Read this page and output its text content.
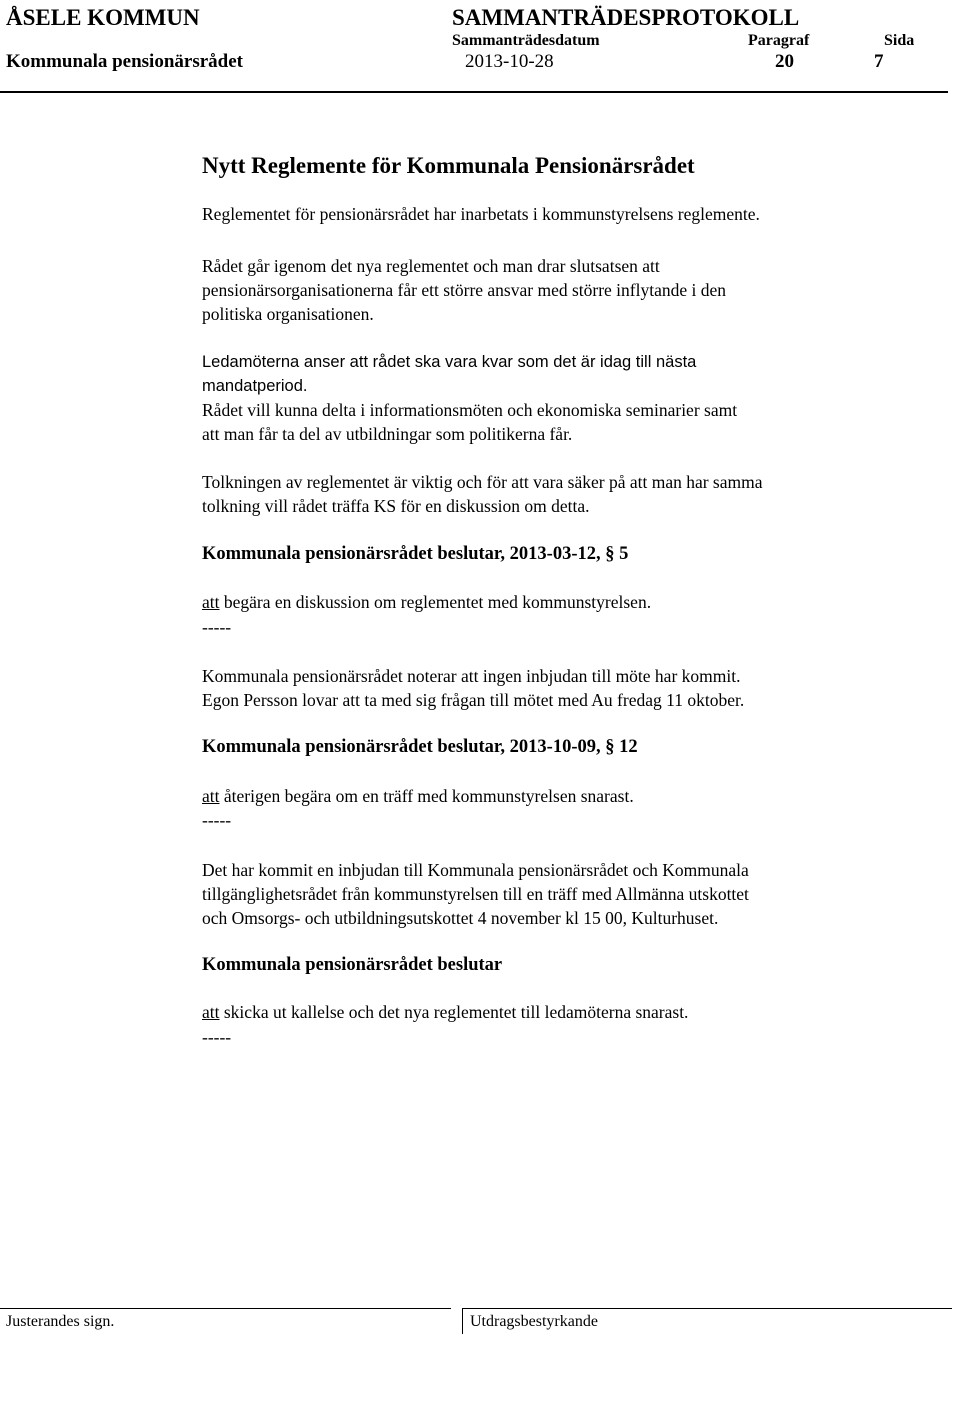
ÅSELE KOMMUN	SAMMANTRÄDESPROTOKOLL
Sammanträdesdatum	Paragraf	Sida
Kommunala pensionärsrådet	2013-10-28	20	7
Nytt Reglemente för Kommunala Pensionärsrådet
Reglementet för pensionärsrådet har inarbetats i kommunstyrelsens reglemente.
Rådet går igenom det nya reglementet och man drar slutsatsen att
pensionärsorganisationerna får ett större ansvar med större inflytande i den
politiska organisationen.
Ledamöterna anser att rådet ska vara kvar som det är idag till nästa
mandatperiod.
Rådet vill kunna delta i informationsmöten och ekonomiska seminarier samt
att man får ta del av utbildningar som politikerna får.
Tolkningen av reglementet är viktig och för att vara säker på att man har samma
tolkning vill rådet träffa KS för en diskussion om detta.
Kommunala pensionärsrådet beslutar, 2013-03-12, § 5
att begära en diskussion om reglementet med kommunstyrelsen.
-----
Kommunala pensionärsrådet noterar att ingen inbjudan till möte har kommit.
Egon Persson lovar att ta med sig frågan till mötet med Au fredag 11 oktober.
Kommunala pensionärsrådet beslutar, 2013-10-09, § 12
att återigen begära om en träff med kommunstyrelsen snarast.
-----
Det har kommit en inbjudan till Kommunala pensionärsrådet och Kommunala
tillgänglighetsrådet från kommunstyrelsen till en träff med Allmänna utskottet
och Omsorgs- och utbildningsutskottet 4 november kl 15 00, Kulturhuset.
Kommunala pensionärsrådet beslutar
att skicka ut kallelse och det nya reglementet till ledamöterna snarast.
-----
Justerandes sign.	Utdragsbestyrkande
